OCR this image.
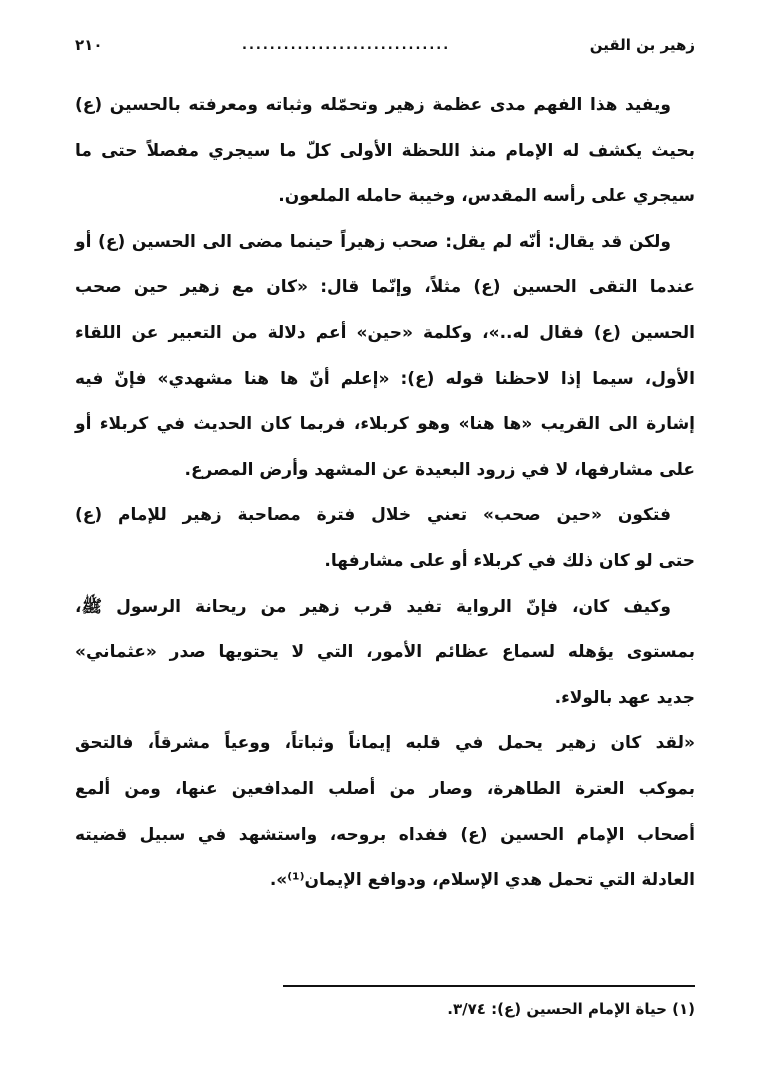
زهير بن القين
..............................
٢١٠
ويفيد هذا الفهم مدى عظمة زهير وتحمّله وثباته ومعرفته بالحسين (ع)
بحيث يكشف له الإمام منذ اللحظة الأولى كلّ ما سيجري مفصلاً حتى ما
سيجري على رأسه المقدس، وخيبة حامله الملعون.
ولكن قد يقال: أنّه لم يقل: صحب زهيراً حينما مضى الى الحسين (ع) أو
عندما التقى الحسين (ع) مثلاً، وإنّما قال: «كان مع زهير حين صحب
الحسين (ع) فقال له..»، وكلمة «حين» أعم دلالة من التعبير عن اللقاء
الأول، سيما إذا لاحظنا قوله (ع): «إعلم أنّ ها هنا مشهدي» فإنّ فيه
إشارة الى القريب «ها هنا» وهو كربلاء، فربما كان الحديث في كربلاء أو
على مشارفها، لا في زرود البعيدة عن المشهد وأرض المصرع.
فتكون «حين صحب» تعني خلال فترة مصاحبة زهير للإمام (ع)
حتى لو كان ذلك في كربلاء أو على مشارفها.
وكيف كان، فإنّ الرواية تفيد قرب زهير من ريحانة الرسول ﷺ،
بمستوى يؤهله لسماع عظائم الأمور، التي لا يحتويها صدر «عثماني»
جديد عهد بالولاء.
«لقد كان زهير يحمل في قلبه إيماناً وثباتاً، ووعياً مشرقاً، فالتحق
بموكب العترة الطاهرة، وصار من أصلب المدافعين عنها، ومن ألمع
أصحاب الإمام الحسين (ع) ففداه بروحه، واستشهد في سبيل قضيته
العادلة التي تحمل هدي الإسلام، ودوافع الإيمان⁽¹⁾».
(١) حياة الإمام الحسين (ع): ٣/٧٤.
